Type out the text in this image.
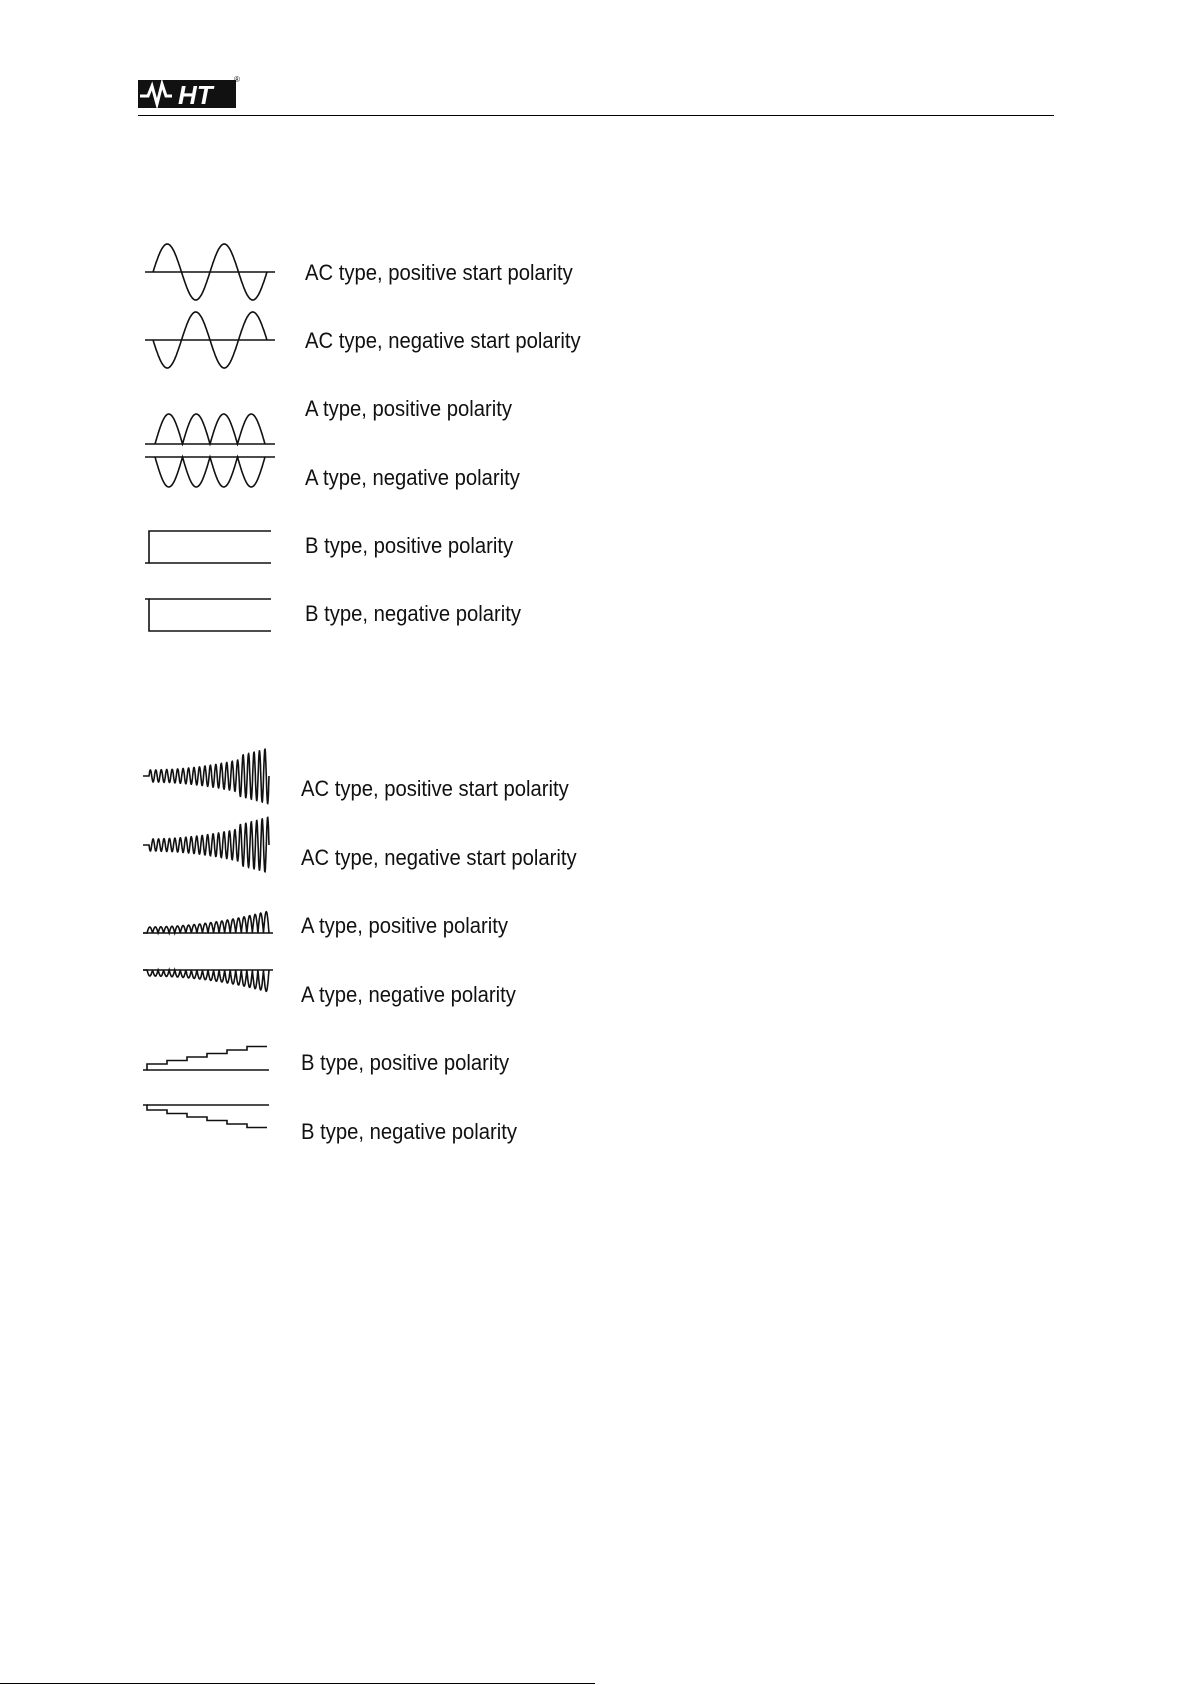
HT
®
AC type, positive start polarity
AC type, negative start polarity
A type, positive polarity
A type, negative polarity
B type, positive polarity
B type, negative polarity
AC type, positive start polarity
AC type, negative start polarity
A type, positive polarity
A type, negative polarity
B type, positive polarity
B type, negative polarity
